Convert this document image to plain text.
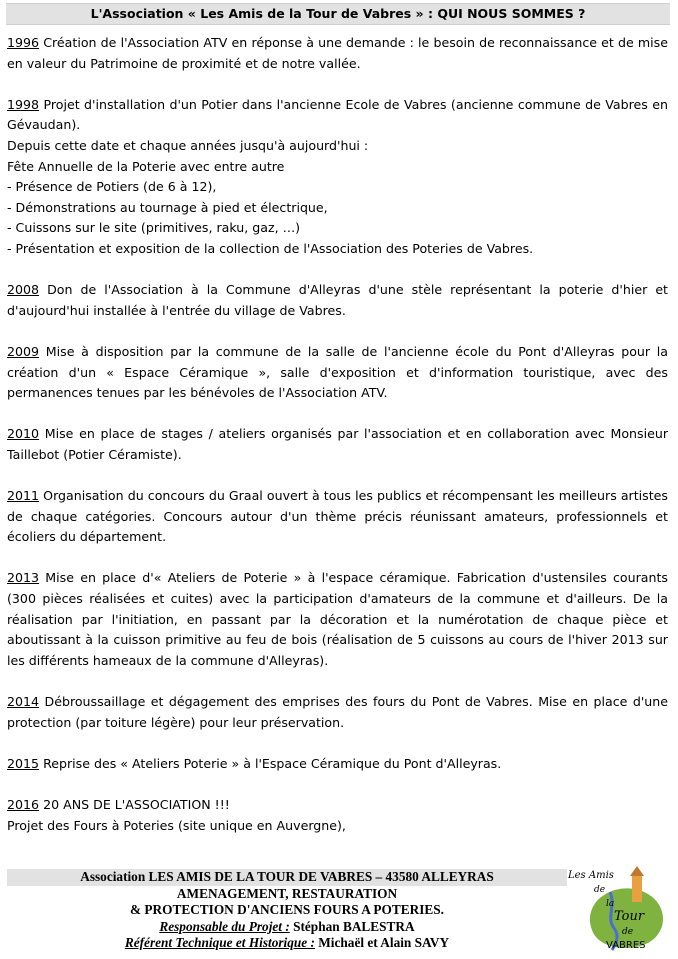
L'Association « Les Amis de la Tour de Vabres » : QUI NOUS SOMMES ?

1996 Création de l'Association ATV en réponse à une demande : le besoin de reconnaissance et de mise en valeur du Patrimoine de proximité et de notre vallée.

1998 Projet d'installation d'un Potier dans l'ancienne Ecole de Vabres (ancienne commune de Vabres en Gévaudan).

Depuis cette date et chaque années jusqu'à aujourd'hui :

Fête Annuelle de la Poterie avec entre autre

- Présence de Potiers (de 6 à 12),

- Démonstrations au tournage à pied et électrique,

- Cuissons sur le site (primitives, raku, gaz, …)

- Présentation et exposition de la collection de l'Association des Poteries de Vabres.

2008 Don de l'Association à la Commune d'Alleyras d'une stèle représentant la poterie d'hier et d'aujourd'hui installée à l'entrée du village de Vabres.

2009 Mise à disposition par la commune de la salle de l'ancienne école du Pont d'Alleyras pour la création d'un « Espace Céramique », salle d'exposition et d'information touristique, avec des permanences tenues par les bénévoles de l'Association ATV.

2010 Mise en place de stages / ateliers organisés par l'association et en collaboration avec Monsieur Taillebot (Potier Céramiste).

2011 Organisation du concours du Graal ouvert à tous les publics et récompensant les meilleurs artistes de chaque catégories. Concours autour d'un thème précis réunissant amateurs, professionnels et écoliers du département.

2013 Mise en place d'« Ateliers de Poterie » à l'espace céramique. Fabrication d'ustensiles courants (300 pièces réalisées et cuites) avec la participation d'amateurs de la commune et d'ailleurs. De la réalisation par l'initiation, en passant par la décoration et la numérotation de chaque pièce et aboutissant à la cuisson primitive au feu de bois (réalisation de 5 cuissons au cours de l'hiver 2013 sur les différents hameaux de la commune d'Alleyras).

2014 Débroussaillage et dégagement des emprises des fours du Pont de Vabres. Mise en place d'une protection (par toiture légère) pour leur préservation.

2015 Reprise des « Ateliers Poterie » à l'Espace Céramique du Pont d'Alleyras.

2016 20 ANS DE L'ASSOCIATION !!!

Projet des Fours à Poteries (site unique en Auvergne),

Association LES AMIS DE LA TOUR DE VABRES – 43580 ALLEYRAS
AMENAGEMENT, RESTAURATION
& PROTECTION D'ANCIENS FOURS A POTERIES.
Responsable du Projet : Stéphan BALESTRA
Référent Technique et Historique : Michaël et Alain SAVY
Les Amis
de
la
Tour
de
VABRES
